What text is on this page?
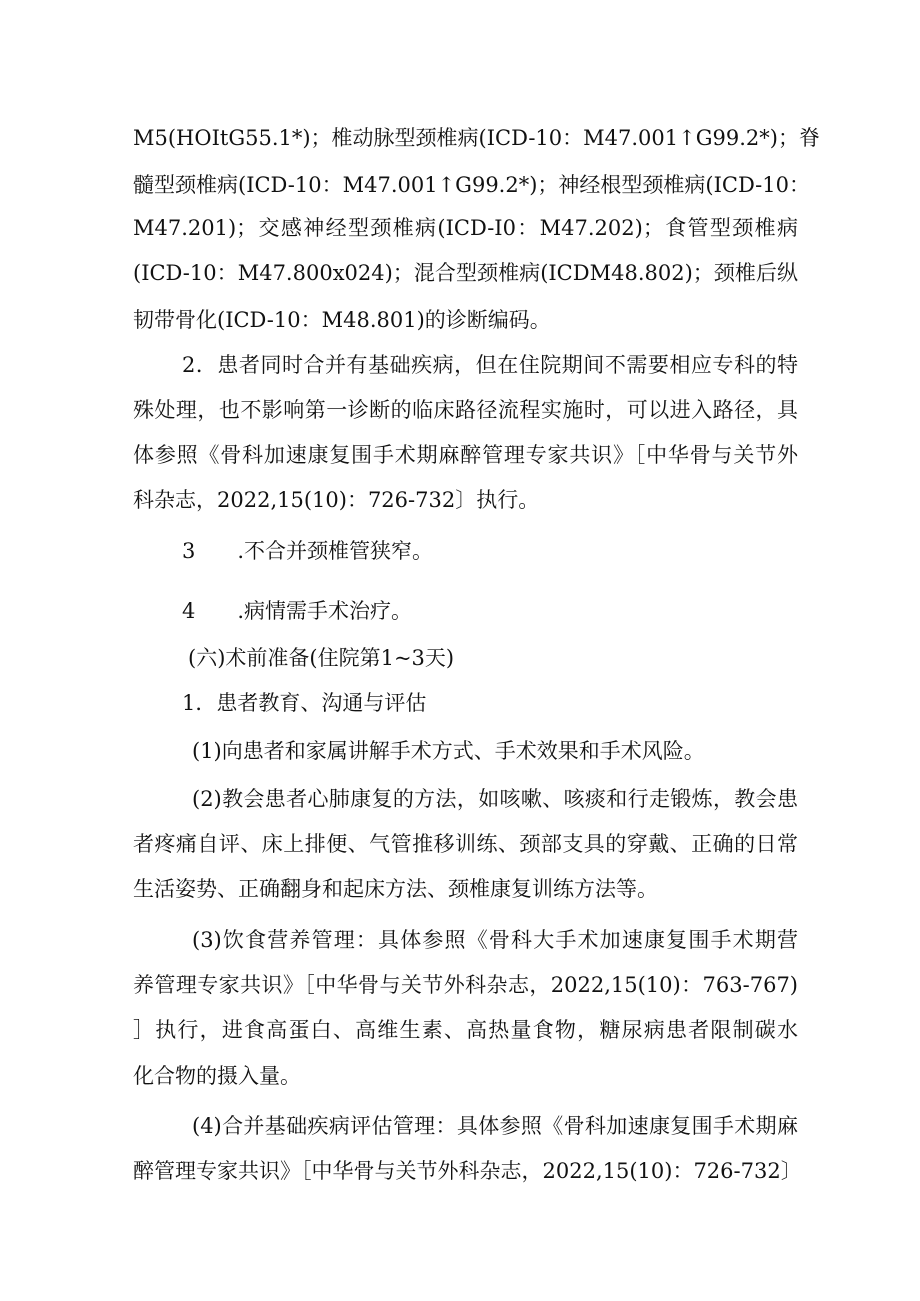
M5(HOItG55.1*)；椎动脉型颈椎病(ICD-10：M47.001↑G99.2*)；脊
髓型颈椎病(ICD-10：M47.001↑G99.2*)；神经根型颈椎病(ICD-10：
M47.201)；交感神经型颈椎病(ICD-I0：M47.202)；食管型颈椎病
(ICD-10：M47.800x024)；混合型颈椎病(ICDM48.802)；颈椎后纵
韧带骨化(ICD-10：M48.801)的诊断编码。
2．患者同时合并有基础疾病，但在住院期间不需要相应专科的特
殊处理，也不影响第一诊断的临床路径流程实施时，可以进入路径，具
体参照《骨科加速康复围手术期麻醉管理专家共识》［中华骨与关节外
科杂志，2022,15(10)：726-732〕执行。
3　　.不合并颈椎管狭窄。
4　　.病情需手术治疗。
(六)术前准备(住院第1~3天)
1．患者教育、沟通与评估
(1)向患者和家属讲解手术方式、手术效果和手术风险。
(2)教会患者心肺康复的方法，如咳嗽、咳痰和行走锻炼，教会患
者疼痛自评、床上排便、气管推移训练、颈部支具的穿戴、正确的日常
生活姿势、正确翻身和起床方法、颈椎康复训练方法等。
(3)饮食营养管理：具体参照《骨科大手术加速康复围手术期营
养管理专家共识》［中华骨与关节外科杂志，2022,15(10)：763-767)
］执行，进食高蛋白、高维生素、高热量食物，糖尿病患者限制碳水
化合物的摄入量。
(4)合并基础疾病评估管理：具体参照《骨科加速康复围手术期麻
醉管理专家共识》［中华骨与关节外科杂志，2022,15(10)：726-732〕
